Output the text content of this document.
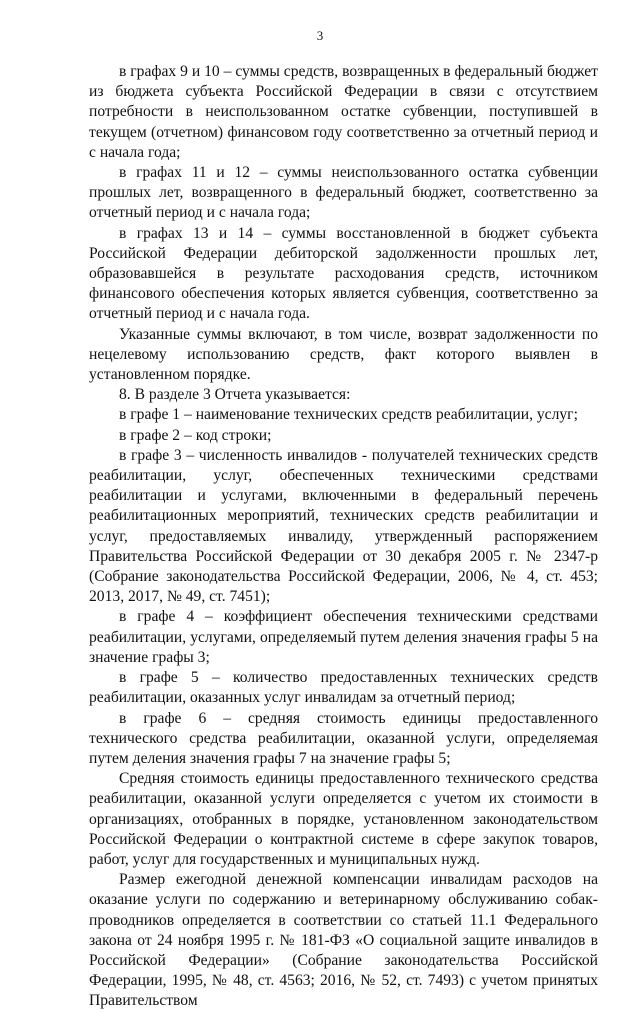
3

в графах 9 и 10 – суммы средств, возвращенных в федеральный бюджет из бюджета субъекта Российской Федерации в связи с отсутствием потребности в неиспользованном остатке субвенции, поступившей в текущем (отчетном) финансовом году соответственно за отчетный период и с начала года;

в графах 11 и 12 – суммы неиспользованного остатка субвенции прошлых лет, возвращенного в федеральный бюджет, соответственно за отчетный период и с начала года;

в графах 13 и 14 – суммы восстановленной в бюджет субъекта Российской Федерации дебиторской задолженности прошлых лет, образовавшейся в результате расходования средств, источником финансового обеспечения которых является субвенция, соответственно за отчетный период и с начала года.

Указанные суммы включают, в том числе, возврат задолженности по нецелевому использованию средств, факт которого выявлен в установленном порядке.

8. В разделе 3 Отчета указывается:

в графе 1 – наименование технических средств реабилитации, услуг;

в графе 2 – код строки;

в графе 3 – численность инвалидов - получателей технических средств реабилитации, услуг, обеспеченных техническими средствами реабилитации и услугами, включенными в федеральный перечень реабилитационных мероприятий, технических средств реабилитации и услуг, предоставляемых инвалиду, утвержденный распоряжением Правительства Российской Федерации от 30 декабря 2005 г. № 2347-р (Собрание законодательства Российской Федерации, 2006, № 4, ст. 453; 2013, 2017, № 49, ст. 7451);

в графе 4 – коэффициент обеспечения техническими средствами реабилитации, услугами, определяемый путем деления значения графы 5 на значение графы 3;

в графе 5 – количество предоставленных технических средств реабилитации, оказанных услуг инвалидам за отчетный период;

в графе 6 – средняя стоимость единицы предоставленного технического средства реабилитации, оказанной услуги, определяемая путем деления значения графы 7 на значение графы 5;

Средняя стоимость единицы предоставленного технического средства реабилитации, оказанной услуги определяется с учетом их стоимости в организациях, отобранных в порядке, установленном законодательством Российской Федерации о контрактной системе в сфере закупок товаров, работ, услуг для государственных и муниципальных нужд.

Размер ежегодной денежной компенсации инвалидам расходов на оказание услуги по содержанию и ветеринарному обслуживанию собак-проводников определяется в соответствии со статьей 11.1 Федерального закона от 24 ноября 1995 г. № 181-ФЗ «О социальной защите инвалидов в Российской Федерации» (Собрание законодательства Российской Федерации, 1995, № 48, ст. 4563; 2016, № 52, ст. 7493) с учетом принятых Правительством
